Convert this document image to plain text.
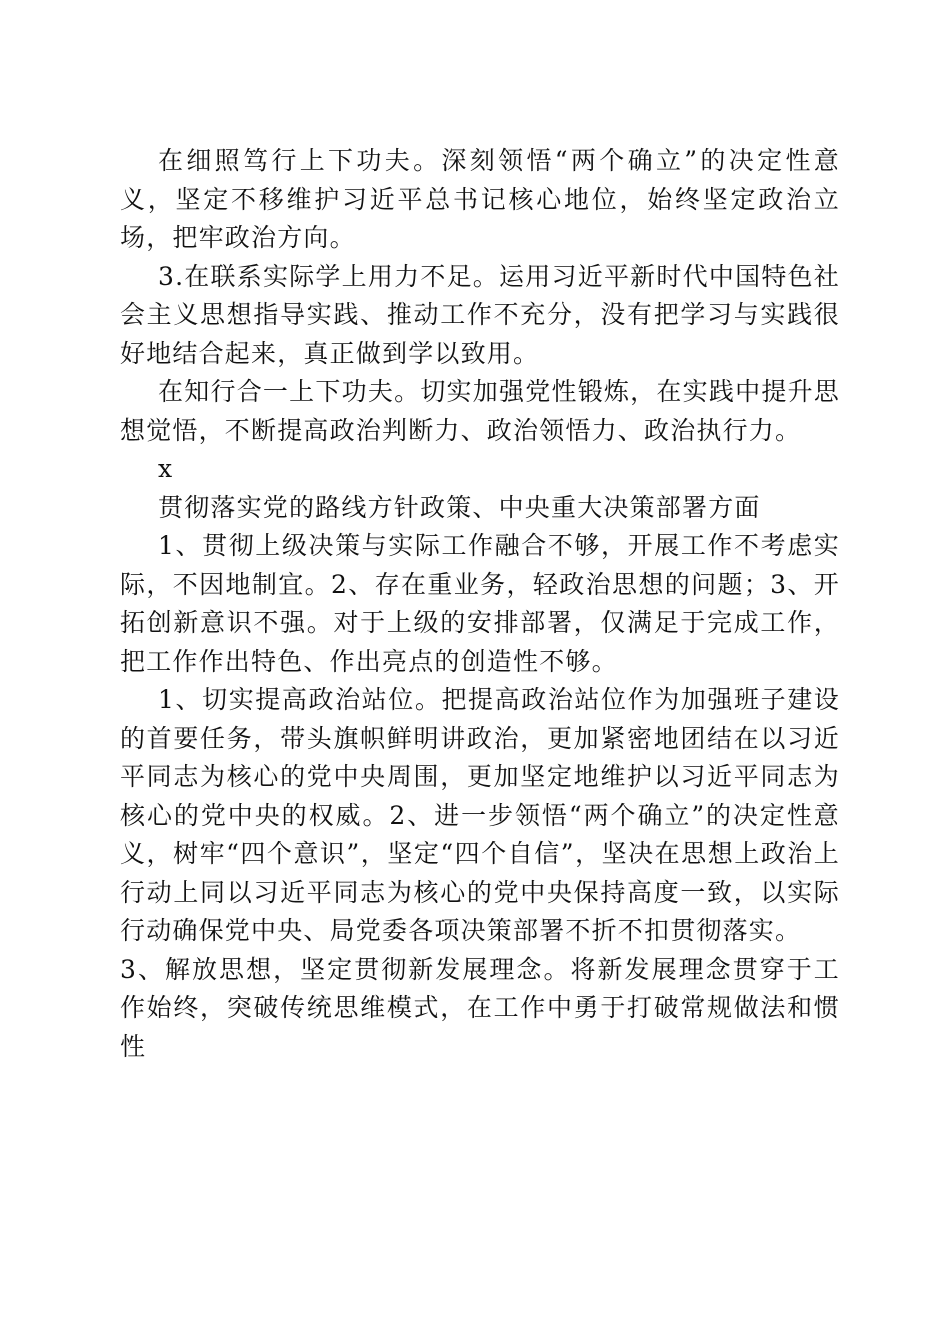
在细照笃行上下功夫。深刻领悟“两个确立”的决定性意义，坚定不移维护习近平总书记核心地位，始终坚定政治立场，把牢政治方向。

3.在联系实际学上用力不足。运用习近平新时代中国特色社会主义思想指导实践、推动工作不充分，没有把学习与实践很好地结合起来，真正做到学以致用。

在知行合一上下功夫。切实加强党性锻炼，在实践中提升思想觉悟，不断提高政治判断力、政治领悟力、政治执行力。

x

贯彻落实党的路线方针政策、中央重大决策部署方面

1、贯彻上级决策与实际工作融合不够，开展工作不考虑实际，不因地制宜。2、存在重业务，轻政治思想的问题；3、开拓创新意识不强。对于上级的安排部署，仅满足于完成工作，把工作作出特色、作出亮点的创造性不够。

1、切实提高政治站位。把提高政治站位作为加强班子建设的首要任务，带头旗帜鲜明讲政治，更加紧密地团结在以习近平同志为核心的党中央周围，更加坚定地维护以习近平同志为核心的党中央的权威。2、进一步领悟“两个确立”的决定性意义，树牢“四个意识”，坚定“四个自信”，坚决在思想上政治上行动上同以习近平同志为核心的党中央保持高度一致，以实际行动确保党中央、局党委各项决策部署不折不扣贯彻落实。

3、解放思想，坚定贯彻新发展理念。将新发展理念贯穿于工作始终，突破传统思维模式，在工作中勇于打破常规做法和惯性
